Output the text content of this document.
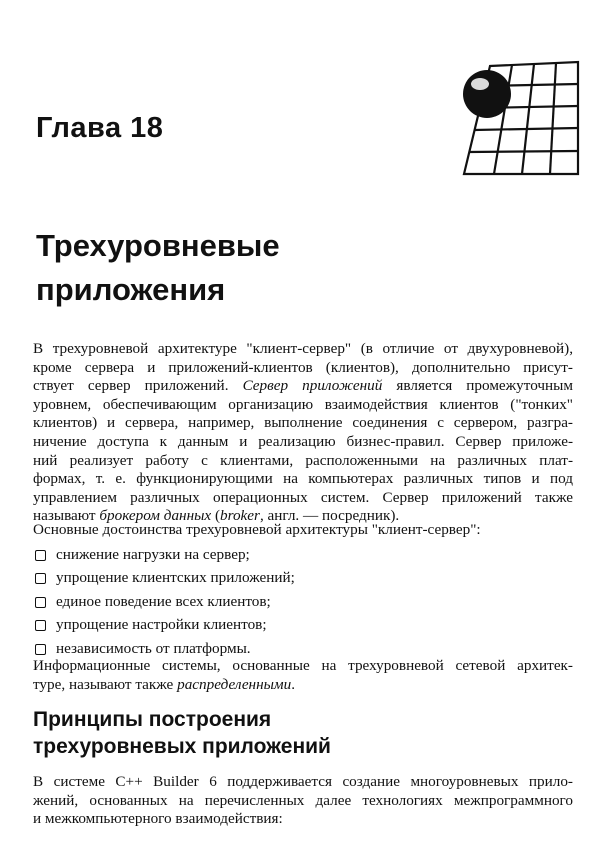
Глава 18
Трехуровневые
приложения
В трехуровневой архитектуре "клиент-сервер" (в отличие от двухуровневой),
кроме сервера и приложений-клиентов (клиентов), дополнительно присут-
ствует сервер приложений. Сервер приложений является промежуточным
уровнем, обеспечивающим организацию взаимодействия клиентов ("тонких"
клиентов) и сервера, например, выполнение соединения с сервером, разгра-
ничение доступа к данным и реализацию бизнес-правил. Сервер приложе-
ний реализует работу с клиентами, расположенными на различных плат-
формах, т. е. функционирующими на компьютерах различных типов и под
управлением различных операционных систем. Сервер приложений также
называют брокером данных (broker, англ. — посредник).
Основные достоинства трехуровневой архитектуры "клиент-сервер":
снижение нагрузки на сервер;
упрощение клиентских приложений;
единое поведение всех клиентов;
упрощение настройки клиентов;
независимость от платформы.
Информационные системы, основанные на трехуровневой сетевой архитек-
туре, называют также распределенными.
Принципы построения
трехуровневых приложений
В системе C++ Builder 6 поддерживается создание многоуровневых прило-
жений, основанных на перечисленных далее технологиях межпрограммного
и межкомпьютерного взаимодействия:
